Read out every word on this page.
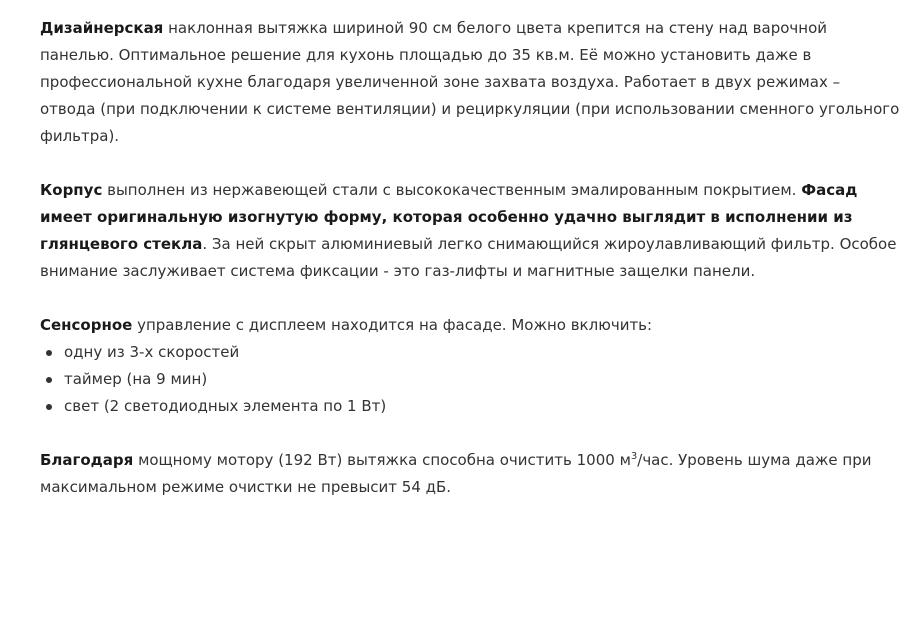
Дизайнерская наклонная вытяжка шириной 90 см белого цвета крепится на стену над варочной панелью. Оптимальное решение для кухонь площадью до 35 кв.м. Её можно установить даже в профессиональной кухне благодаря увеличенной зоне захвата воздуха. Работает в двух режимах – отвода (при подключении к системе вентиляции) и рециркуляции (при использовании сменного угольного фильтра).

Корпус выполнен из нержавеющей стали с высококачественным эмалированным покрытием. Фасад имеет оригинальную изогнутую форму, которая особенно удачно выглядит в исполнении из глянцевого стекла. За ней скрыт алюминиевый легко снимающийся жироулавливающий фильтр. Особое внимание заслуживает система фиксации - это газ-лифты и магнитные защелки панели.

Сенсорное управление с дисплеем находится на фасаде. Можно включить:
одну из 3-х скоростей
таймер (на 9 мин)
свет (2 светодиодных элемента по 1 Вт)

Благодаря мощному мотору (192 Вт) вытяжка способна очистить 1000 $м^3$/час. Уровень шума даже при максимальном режиме очистки не превысит 54 дБ.
